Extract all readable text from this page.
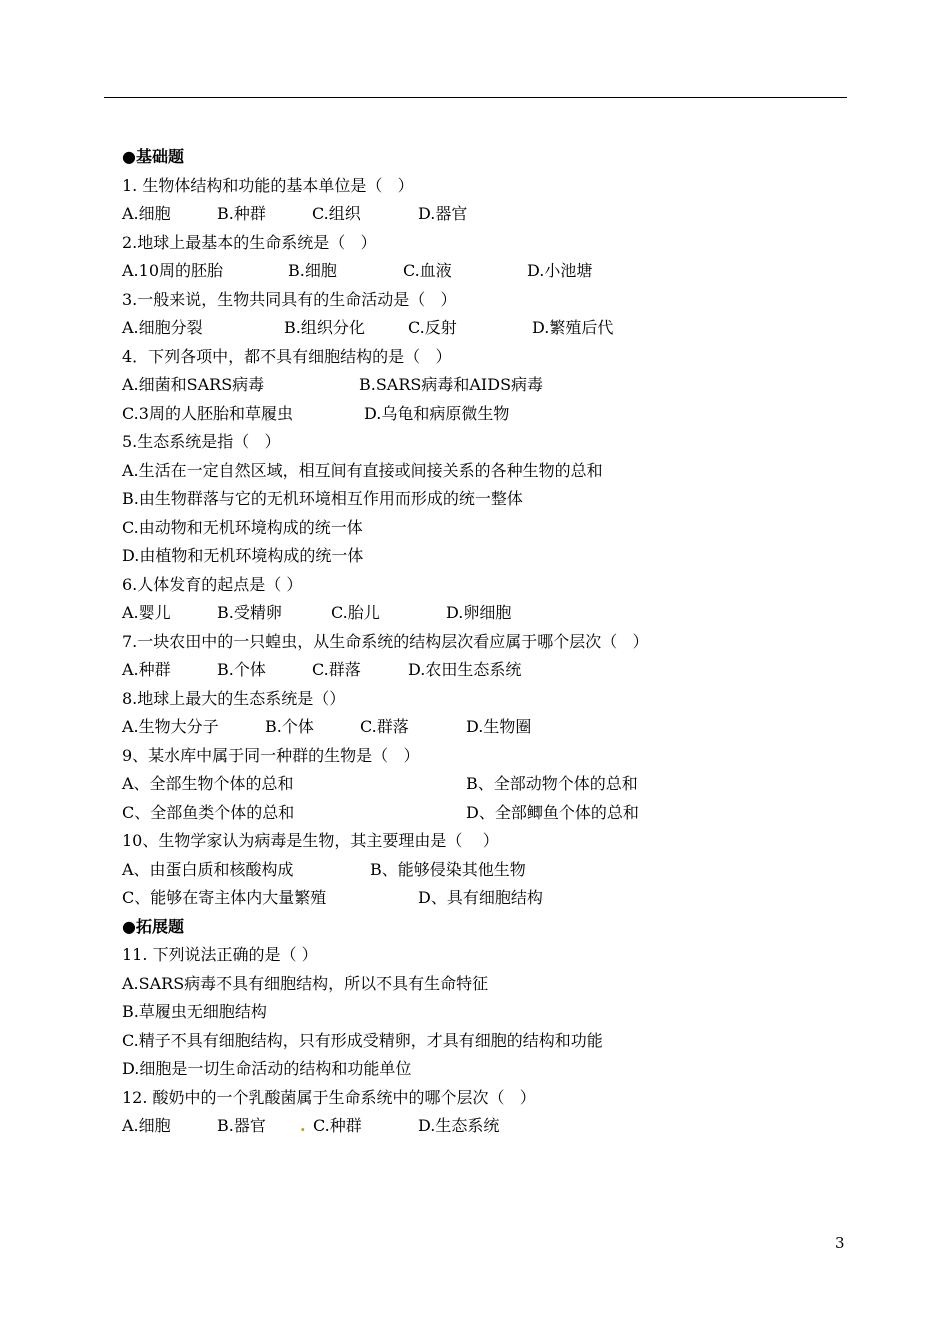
●基础题
1. 生物体结构和功能的基本单位是（   ）

A.细胞

	B.种群

	C.组织

	D.器官

2.地球上最基本的生命系统是（   ）

A.10周的胚胎

	B.细胞

	C.血液

	D.小池塘

3.一般来说，生物共同具有的生命活动是（   ）

A.细胞分裂

	B.组织分化

	C.反射

	D.繁殖后代

4．下列各项中，都不具有细胞结构的是（   ）

A.细菌和SARS病毒

	B.SARS病毒和AIDS病毒

C.3周的人胚胎和草履虫

	D.乌龟和病原微生物

5.生态系统是指（   ）
A.生活在一定自然区域，相互间有直接或间接关系的各种生物的总和
B.由生物群落与它的无机环境相互作用而形成的统一整体
C.由动物和无机环境构成的统一体
D.由植物和无机环境构成的统一体
6.人体发育的起点是（ ）

A.婴儿

	B.受精卵

	C.胎儿

	D.卵细胞

7.一块农田中的一只蝗虫，从生命系统的结构层次看应属于哪个层次（   ）

A.种群

	B.个体

	C.群落

	D.农田生态系统

8.地球上最大的生态系统是（）

A.生物大分子

	B.个体

	C.群落

	D.生物圈

9、某水库中属于同一种群的生物是（   ）

A、全部生物个体的总和

	B、全部动物个体的总和

C、全部鱼类个体的总和

	D、全部鲫鱼个体的总和

10、生物学家认为病毒是生物，其主要理由是（    ）

A、由蛋白质和核酸构成

	B、能够侵染其他生物

C、能够在寄主体内大量繁殖

	D、具有细胞结构

●拓展题
11. 下列说法正确的是（ ）
A.SARS病毒不具有细胞结构，所以不具有生命特征
B.草履虫无细胞结构
C.精子不具有细胞结构，只有形成受精卵，才具有细胞的结构和功能
D.细胞是一切生命活动的结构和功能单位
12. 酸奶中的一个乳酸菌属于生命系统中的哪个层次（   ）

A.细胞

	B.器官

.

C.种群

	D.生态系统

3
